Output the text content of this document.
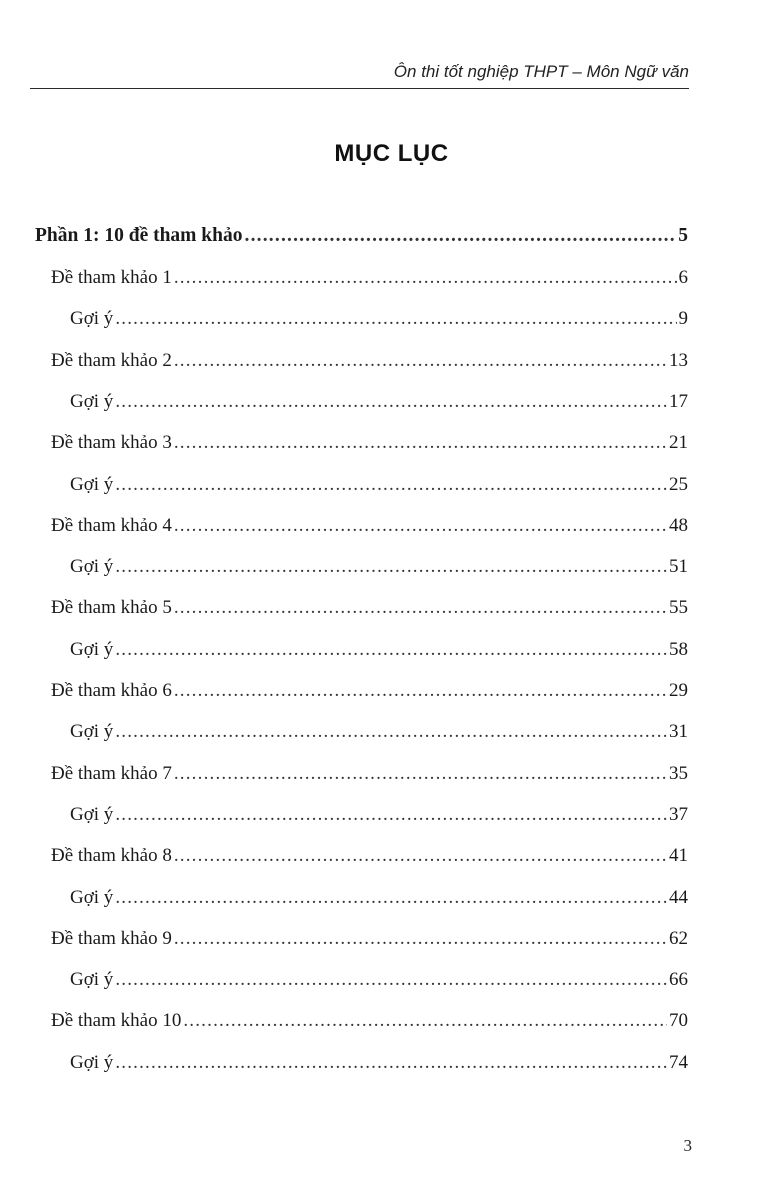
Ôn thi tốt nghiệp THPT – Môn Ngữ văn
MỤC LỤC
Phần 1: 10 đề tham khảo .....	5
Đề tham khảo 1 .....	6
Gợi ý .....	9
Đề tham khảo 2 .....	13
Gợi ý .....	17
Đề tham khảo 3 .....	21
Gợi ý .....	25
Đề tham khảo 4 .....	48
Gợi ý .....	51
Đề tham khảo 5 .....	55
Gợi ý .....	58
Đề tham khảo 6 .....	29
Gợi ý .....	31
Đề tham khảo 7 .....	35
Gợi ý .....	37
Đề tham khảo 8 .....	41
Gợi ý .....	44
Đề tham khảo 9 .....	62
Gợi ý .....	66
Đề tham khảo 10 .....	70
Gợi ý .....	74
3
